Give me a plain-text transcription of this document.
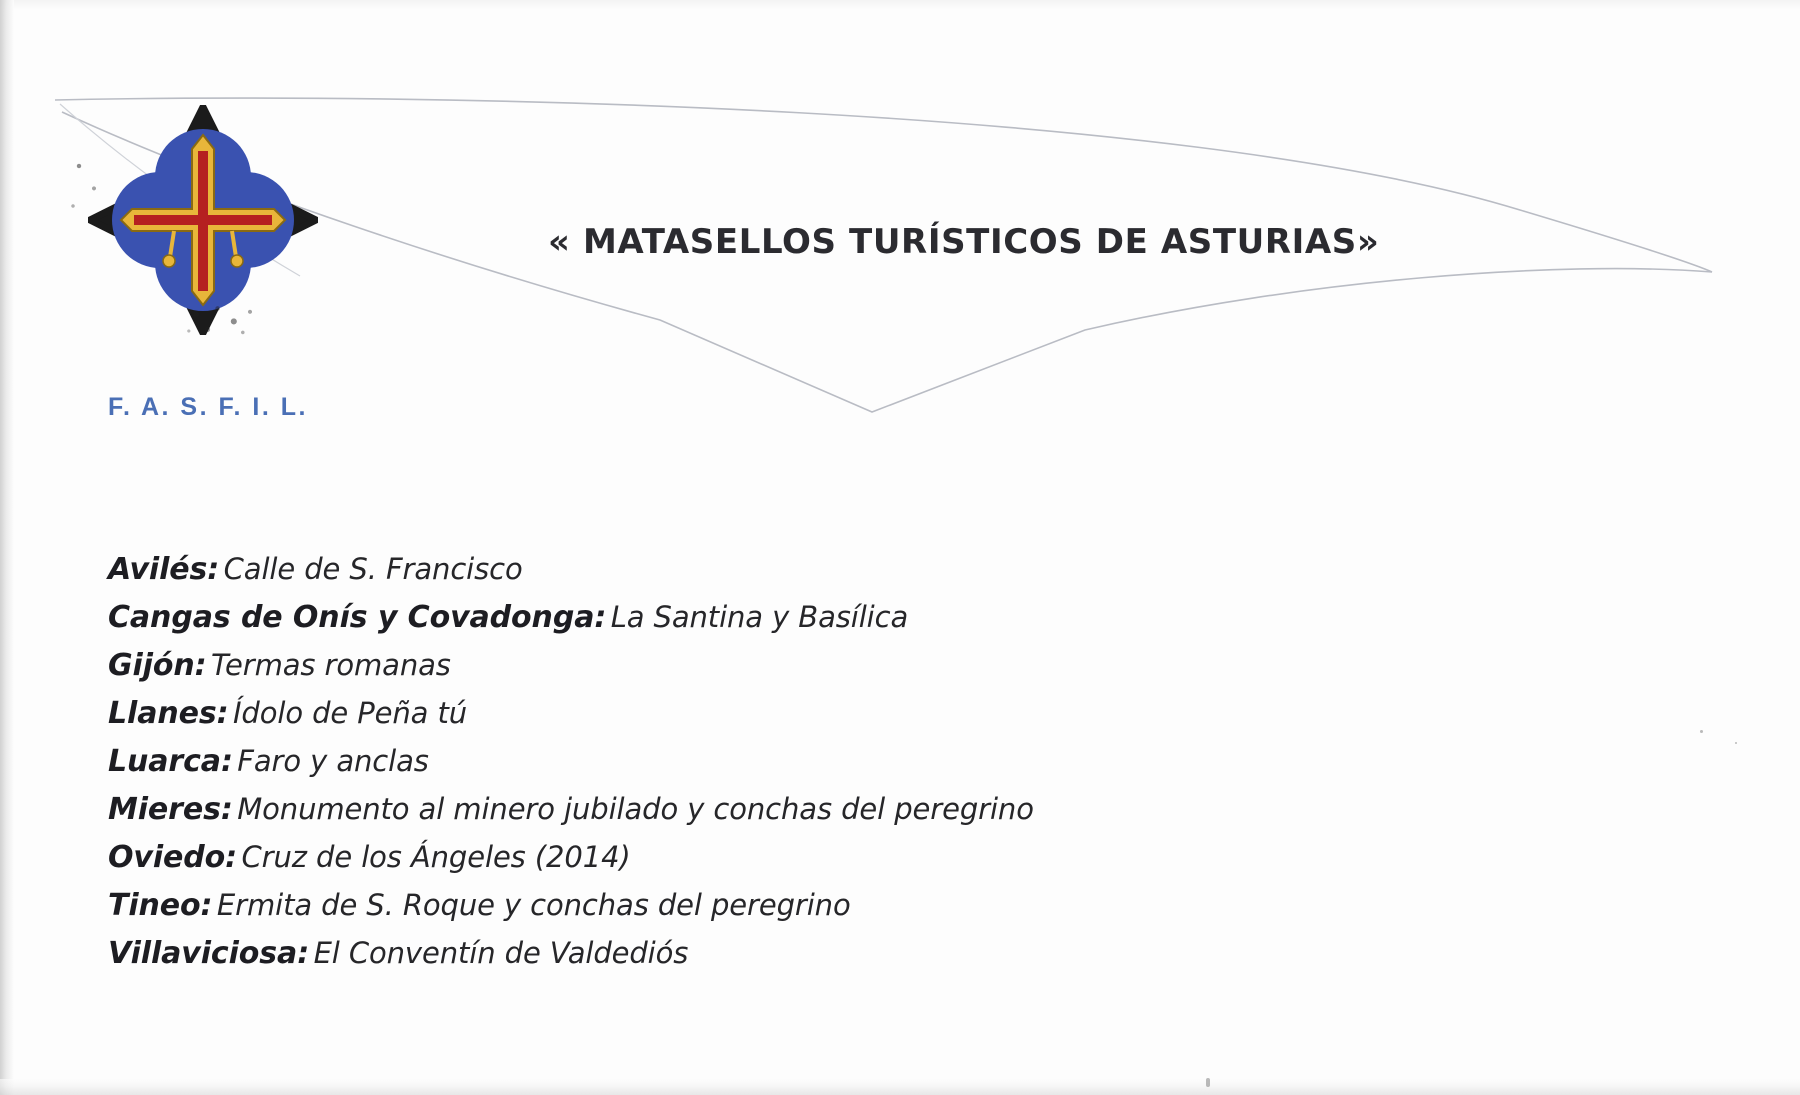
F. A. S. F. I. L.
« MATASELLOS TURÍSTICOS DE ASTURIAS»
Avilés: Calle de S. Francisco
Cangas de Onís y Covadonga: La Santina y Basílica
Gijón: Termas romanas
Llanes: Ídolo de Peña tú
Luarca: Faro y anclas
Mieres: Monumento al minero jubilado y conchas del peregrino
Oviedo: Cruz de los Ángeles (2014)
Tineo: Ermita de S. Roque y conchas del peregrino
Villaviciosa: El Conventín de Valdediós
